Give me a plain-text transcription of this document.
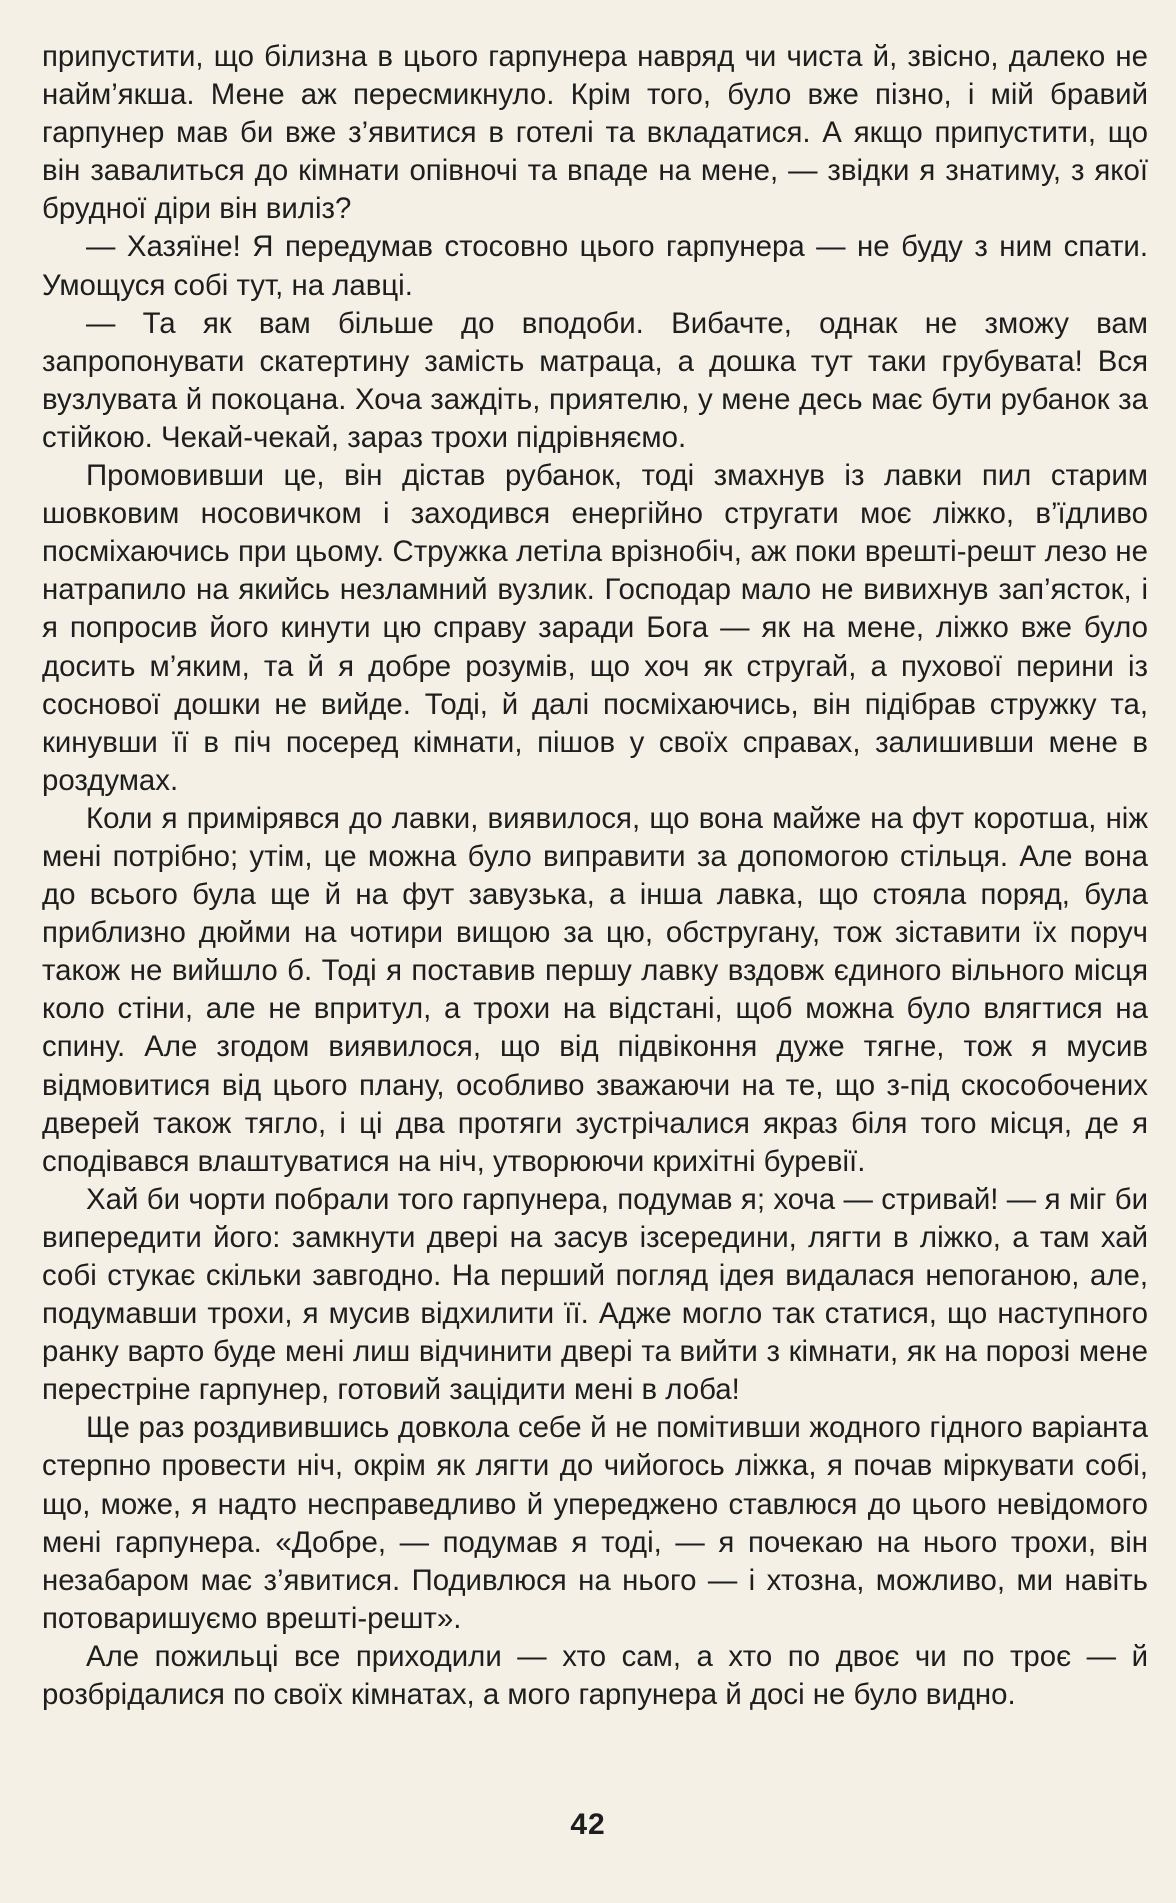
припустити, що білизна в цього гарпунера навряд чи чиста й, звісно, далеко не найм’якша. Мене аж пересмикнуло. Крім того, було вже пізно, і мій бравий гарпунер мав би вже з’явитися в готелі та вкладатися. А якщо припустити, що він завалиться до кімнати опівночі та впаде на мене, — звідки я знатиму, з якої брудної діри він виліз?

— Хазяїне! Я передумав стосовно цього гарпунера — не буду з ним спати. Умощуся собі тут, на лавці.

— Та як вам більше до вподоби. Вибачте, однак не зможу вам запропонувати скатертину замість матраца, а дошка тут таки грубувата! Вся вузлувата й покоцана. Хоча заждіть, приятелю, у мене десь має бути рубанок за стійкою. Чекай-чекай, зараз трохи підрівняємо.

Промовивши це, він дістав рубанок, тоді змахнув із лавки пил старим шовковим носовичком і заходився енергійно стругати моє ліжко, в’їдливо посміхаючись при цьому. Стружка летіла врізнобіч, аж поки врешті-решт лезо не натрапило на якийсь незламний вузлик. Господар мало не вивихнув зап’ясток, і я попросив його кинути цю справу заради Бога — як на мене, ліжко вже було досить м’яким, та й я добре розумів, що хоч як стругай, а пухової перини із соснової дошки не вийде. Тоді, й далі посміхаючись, він підібрав стружку та, кинувши її в піч посеред кімнати, пішов у своїх справах, залишивши мене в роздумах.

Коли я примірявся до лавки, виявилося, що вона майже на фут коротша, ніж мені потрібно; утім, це можна було виправити за допомогою стільця. Але вона до всього була ще й на фут завузька, а інша лавка, що стояла поряд, була приблизно дюйми на чотири вищою за цю, обстругану, тож зіставити їх поруч також не вийшло б. Тоді я поставив першу лавку вздовж єдиного вільного місця коло стіни, але не впритул, а трохи на відстані, щоб можна було влягтися на спину. Але згодом виявилося, що від підвіконня дуже тягне, тож я мусив відмовитися від цього плану, особливо зважаючи на те, що з-під скособочених дверей також тягло, і ці два протяги зустрічалися якраз біля того місця, де я сподівався влаштуватися на ніч, утворюючи крихітні буревії.

Хай би чорти побрали того гарпунера, подумав я; хоча — стривай! — я міг би випередити його: замкнути двері на засув ізсередини, лягти в ліжко, а там хай собі стукає скільки завгодно. На перший погляд ідея видалася непоганою, але, подумавши трохи, я мусив відхилити її. Адже могло так статися, що наступного ранку варто буде мені лиш відчинити двері та вийти з кімнати, як на порозі мене перестріне гарпунер, готовий зацідити мені в лоба!

Ще раз роздивившись довкола себе й не помітивши жодного гідного варіанта стерпно провести ніч, окрім як лягти до чийогось ліжка, я почав міркувати собі, що, може, я надто несправедливо й упереджено ставлюся до цього невідомого мені гарпунера. «Добре, — подумав я тоді, — я почекаю на нього трохи, він незабаром має з’явитися. Подивлюся на нього — і хтозна, можливо, ми навіть потоваришуємо врешті-решт».

Але пожильці все приходили — хто сам, а хто по двоє чи по троє — й розбрідалися по своїх кімнатах, а мого гарпунера й досі не було видно.

42
